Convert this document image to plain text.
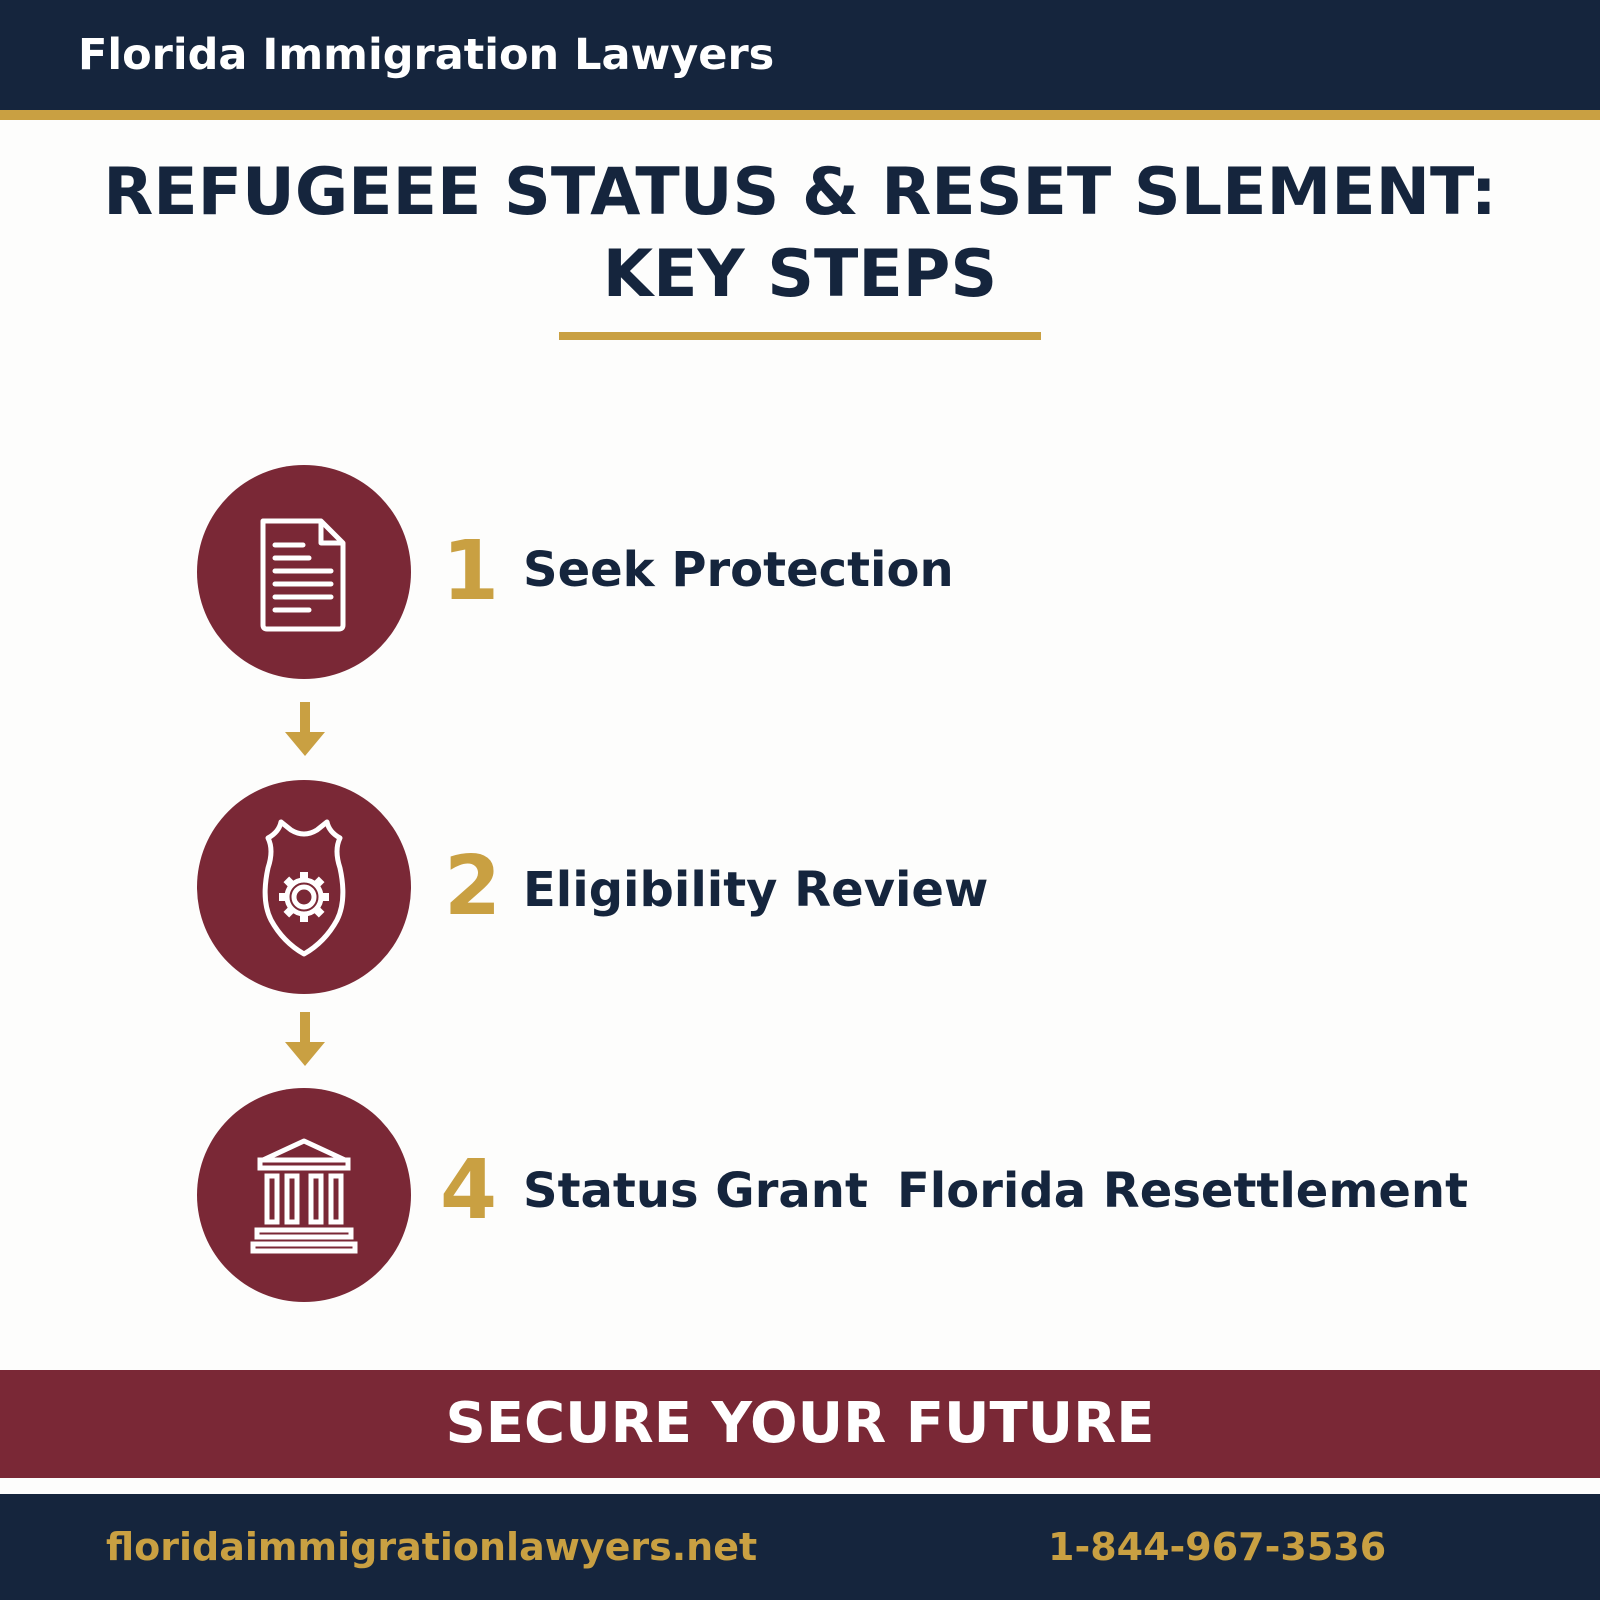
Florida Immigration Lawyers
REFUGEEE STATUS & RESET SLEMENT:
KEY STEPS
1 Seek Protection
2 Eligibility Review
4 Status Grant Florida Resettlement
SECURE YOUR FUTURE
floridaimmigrationlawyers.net	1-844-967-3536
